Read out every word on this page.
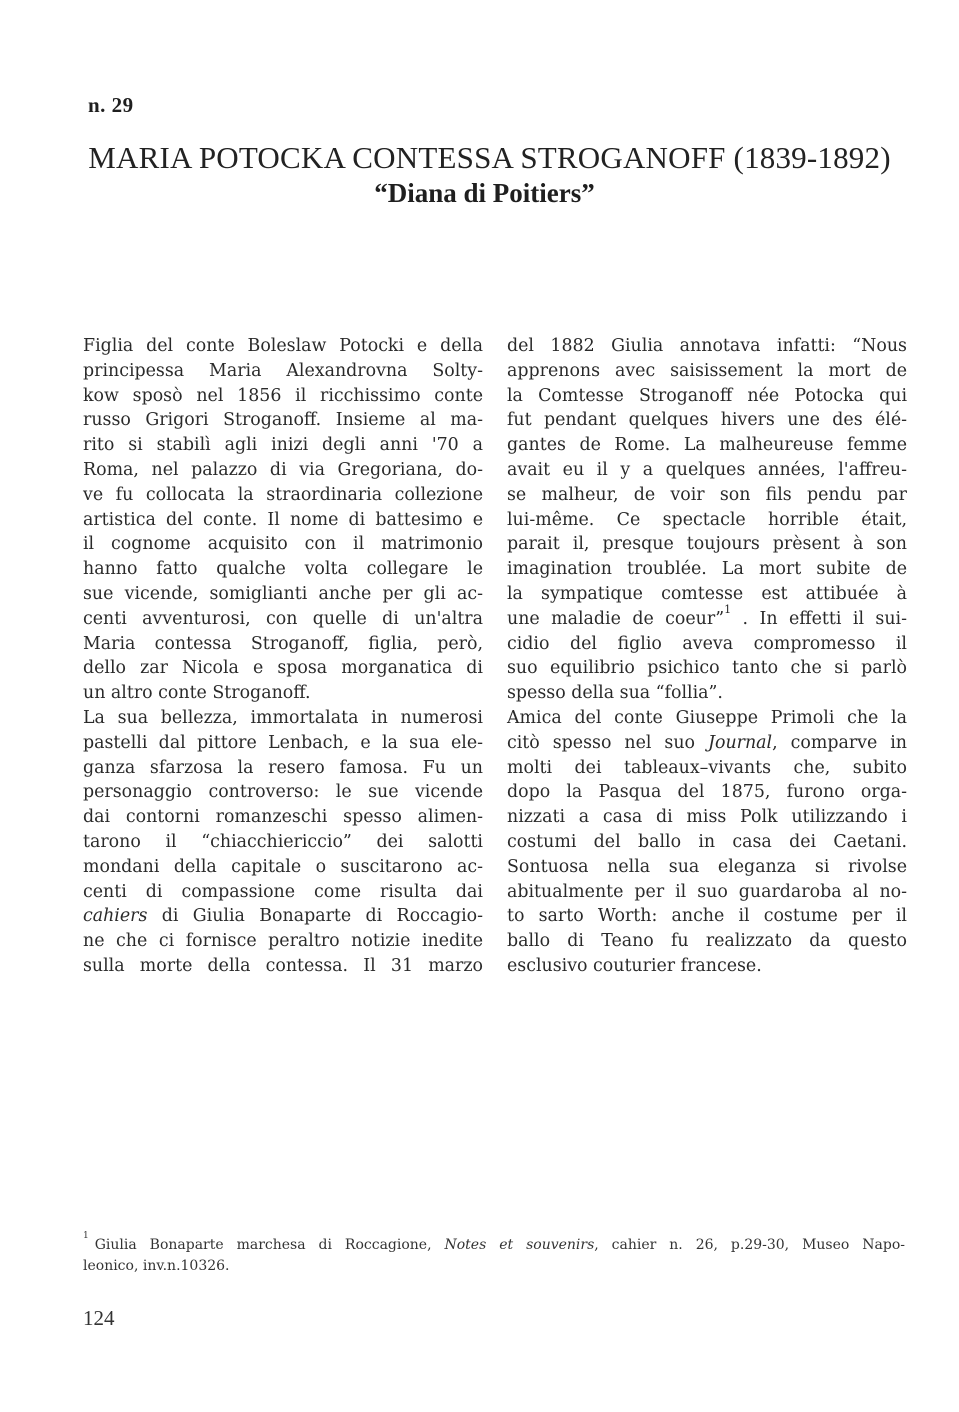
n. 29
MARIA POTOCKA CONTESSA STROGANOFF (1839-1892)
“Diana di Poitiers”
Figlia del conte Boleslaw Potocki e della
principessa Maria Alexandrovna Solty-
kow sposò nel 1856 il ricchissimo conte
russo Grigori Stroganoff. Insieme al ma-
rito si stabilì agli inizi degli anni '70 a
Roma, nel palazzo di via Gregoriana, do-
ve fu collocata la straordinaria collezione
artistica del conte. Il nome di battesimo e
il cognome acquisito con il matrimonio
hanno fatto qualche volta collegare le
sue vicende, somiglianti anche per gli ac-
centi avventurosi, con quelle di un'altra
Maria contessa Stroganoff, figlia, però,
dello zar Nicola e sposa morganatica di
un altro conte Stroganoff.
La sua bellezza, immortalata in numerosi
pastelli dal pittore Lenbach, e la sua ele-
ganza sfarzosa la resero famosa. Fu un
personaggio controverso: le sue vicende
dai contorni romanzeschi spesso alimen-
tarono il “chiacchiericcio” dei salotti
mondani della capitale o suscitarono ac-
centi di compassione come risulta dai
cahiers di Giulia Bonaparte di Roccagio-
ne che ci fornisce peraltro notizie inedite
sulla morte della contessa. Il 31 marzo
del 1882 Giulia annotava infatti: “Nous
apprenons avec saisissement la mort de
la Comtesse Stroganoff née Potocka qui
fut pendant quelques hivers une des élé-
gantes de Rome. La malheureuse femme
avait eu il y a quelques années, l'affreu-
se malheur, de voir son fils pendu par
lui-même. Ce spectacle horrible était,
parait il, presque toujours prèsent à son
imagination troublée. La mort subite de
la sympatique comtesse est attibuée à
une maladie de coeur”$^1$ . In effetti il sui-
cidio del figlio aveva compromesso il
suo equilibrio psichico tanto che si parlò
spesso della sua “follia”.
Amica del conte Giuseppe Primoli che la
citò spesso nel suo Journal, comparve in
molti dei tableaux–vivants che, subito
dopo la Pasqua del 1875, furono orga-
nizzati a casa di miss Polk utilizzando i
costumi del ballo in casa dei Caetani.
Sontuosa nella sua eleganza si rivolse
abitualmente per il suo guardaroba al no-
to sarto Worth: anche il costume per il
ballo di Teano fu realizzato da questo
esclusivo couturier francese.
$^1$Giulia Bonaparte marchesa di Roccagione, Notes et souvenirs, cahier n. 26, p.29-30, Museo Napo-
leonico, inv.n.10326.
124
